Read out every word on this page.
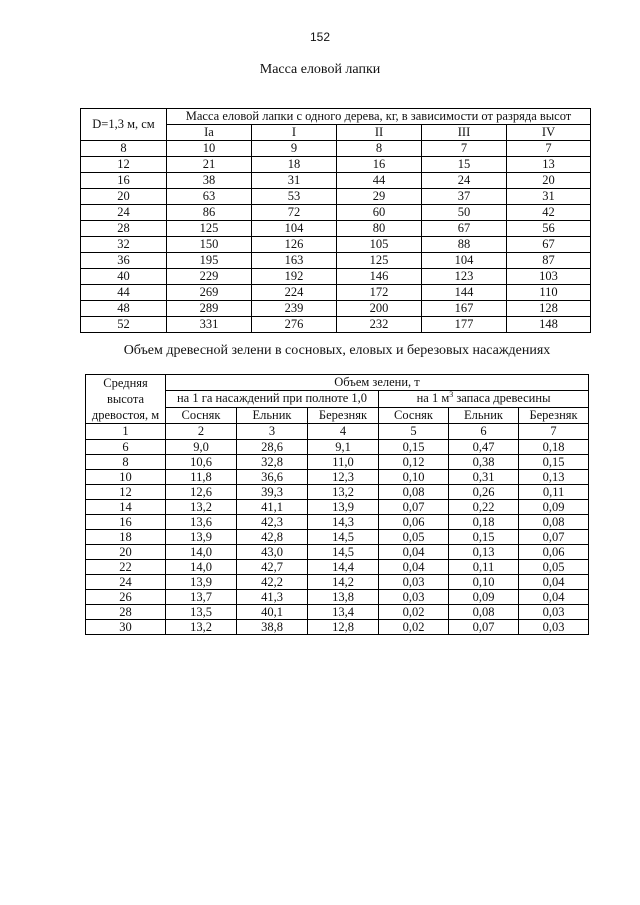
152
Масса еловой лапки
D=1,3 м, см	Масса еловой лапки с одного дерева, кг, в зависимости от разряда высот				
	Ia	I	II	III	IV
8	10	9	8	7	7
12	21	18	16	15	13
16	38	31	44	24	20
20	63	53	29	37	31
24	86	72	60	50	42
28	125	104	80	67	56
32	150	126	105	88	67
36	195	163	125	104	87
40	229	192	146	123	103
44	269	224	172	144	110
48	289	239	200	167	128
52	331	276	232	177	148
Объем древесной зелени в сосновых, еловых и березовых насаждениях
Средняя
высота
древостоя, м	Объем зелени, т					
	на 1 га насаждений при полноте 1,0			на 1 $м^3$ запаса древесины		
	Сосняк	Ельник	Березняк	Сосняк	Ельник	Березняк
1	2	3	4	5	6	7
6	9,0	28,6	9,1	0,15	0,47	0,18
8	10,6	32,8	11,0	0,12	0,38	0,15
10	11,8	36,6	12,3	0,10	0,31	0,13
12	12,6	39,3	13,2	0,08	0,26	0,11
14	13,2	41,1	13,9	0,07	0,22	0,09
16	13,6	42,3	14,3	0,06	0,18	0,08
18	13,9	42,8	14,5	0,05	0,15	0,07
20	14,0	43,0	14,5	0,04	0,13	0,06
22	14,0	42,7	14,4	0,04	0,11	0,05
24	13,9	42,2	14,2	0,03	0,10	0,04
26	13,7	41,3	13,8	0,03	0,09	0,04
28	13,5	40,1	13,4	0,02	0,08	0,03
30	13,2	38,8	12,8	0,02	0,07	0,03
